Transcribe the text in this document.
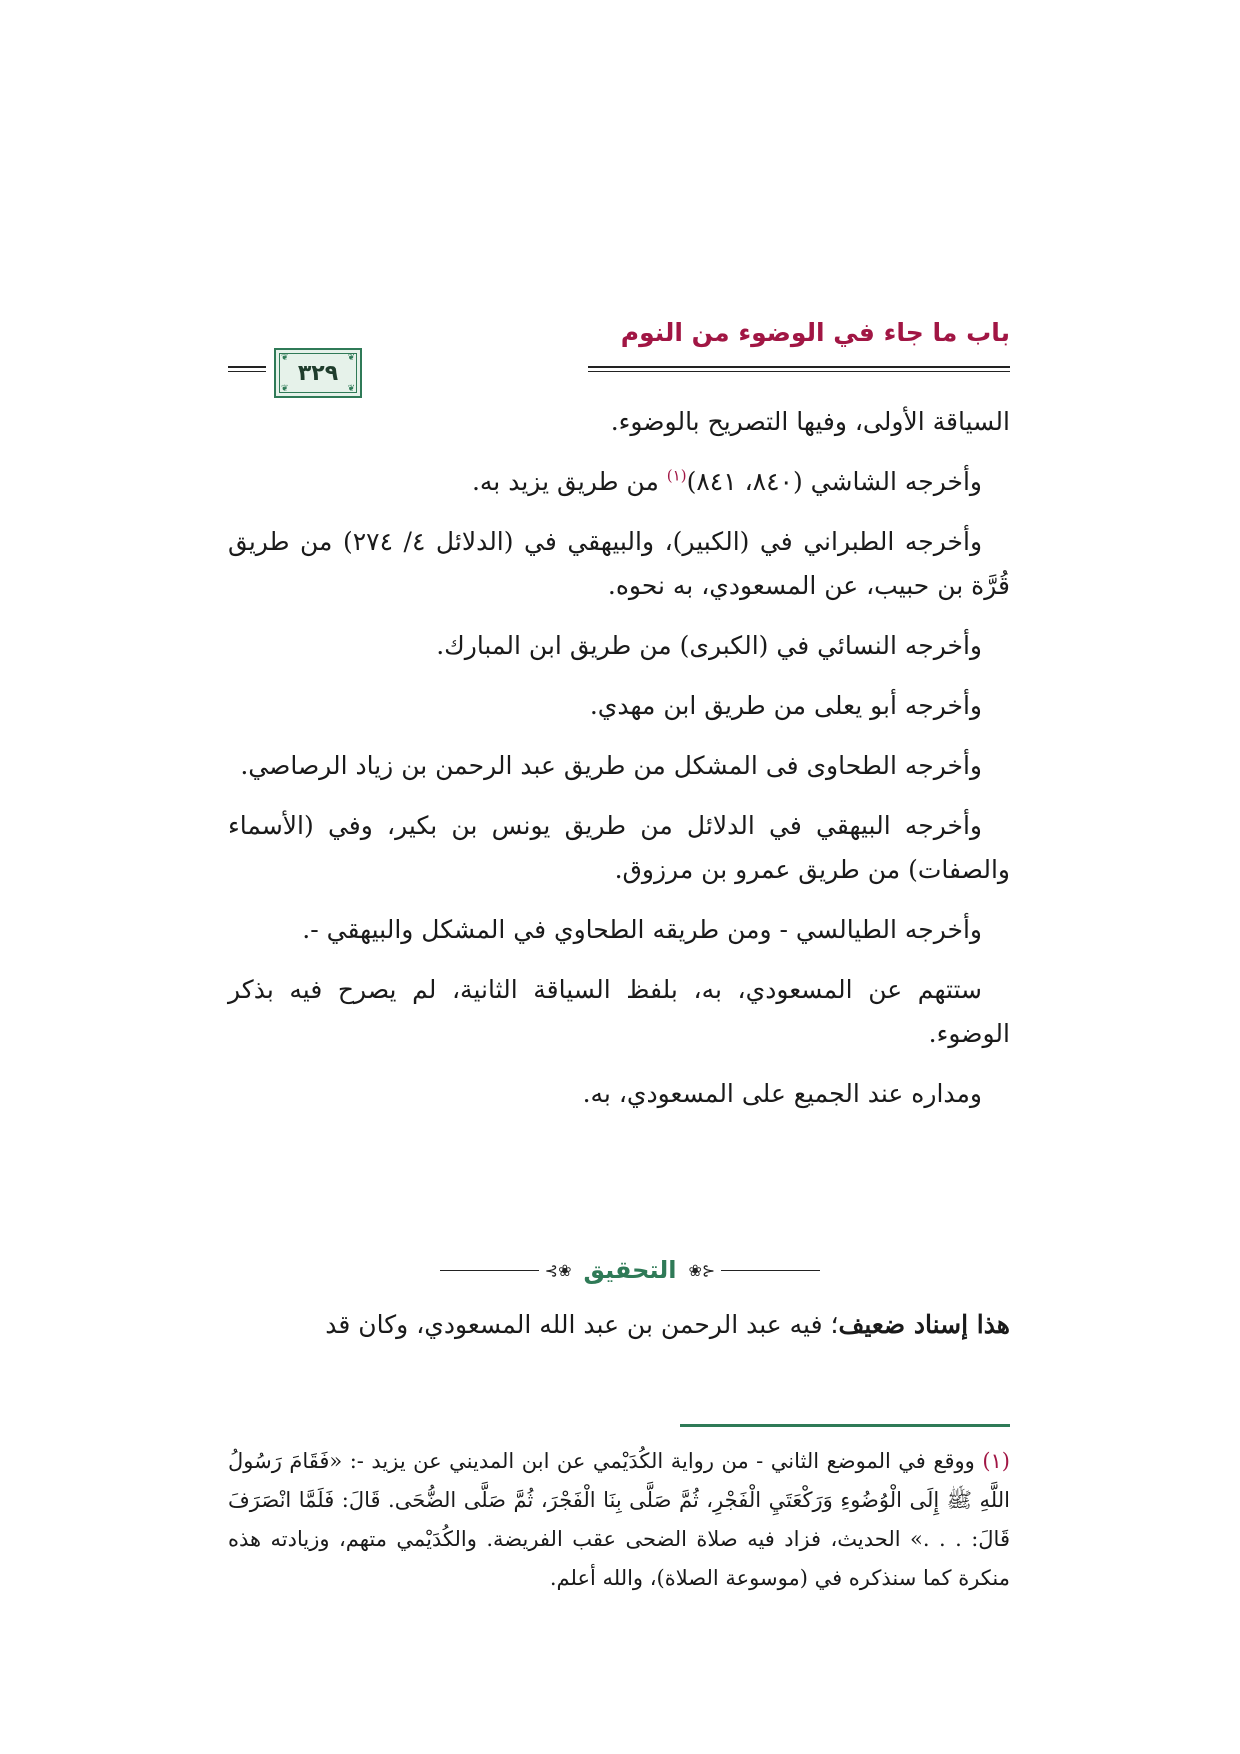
باب ما جاء في الوضوء من النوم
❦	❦
❦	❦
٣٢٩

السياقة الأولى، وفيها التصريح بالوضوء.

وأخرجه الشاشي (٨٤٠، ٨٤١)$^{(١)}$ من طريق يزيد به.

وأخرجه الطبراني في (الكبير)، والبيهقي في (الدلائل ٤/ ٢٧٤) من طريق قُرَّة بن حبيب، عن المسعودي، به نحوه.

وأخرجه النسائي في (الكبرى) من طريق ابن المبارك.

وأخرجه أبو يعلى من طريق ابن مهدي.

وأخرجه الطحاوى فى المشكل من طريق عبد الرحمن بن زياد الرصاصي.

وأخرجه البيهقي في الدلائل من طريق يونس بن بكير، وفي (الأسماء والصفات) من طريق عمرو بن مرزوق.

وأخرجه الطيالسي - ومن طريقه الطحاوي في المشكل والبيهقي -.

ستتهم عن المسعودي، به، بلفظ السياقة الثانية، لم يصرح فيه بذكر الوضوء.

ومداره عند الجميع على المسعودي، به.

⊰❀
التحقيق
❀⊱
هذا إسناد ضعيف؛ فيه عبد الرحمن بن عبد الله المسعودي، وكان قد
(١) ووقع في الموضع الثاني - من رواية الكُدَيْمي عن ابن المديني عن يزيد -: «فَقَامَ رَسُولُ اللَّهِ ﷺ إِلَى الْوُضُوءِ وَرَكْعَتَيِ الْفَجْرِ، ثُمَّ صَلَّى بِنَا الْفَجْرَ، ثُمَّ صَلَّى الضُّحَى. قَالَ: فَلَمَّا انْصَرَفَ قَالَ: . . .» الحديث، فزاد فيه صلاة الضحى عقب الفريضة. والكُدَيْمي متهم، وزيادته هذه منكرة كما سنذكره في (موسوعة الصلاة)، والله أعلم.
